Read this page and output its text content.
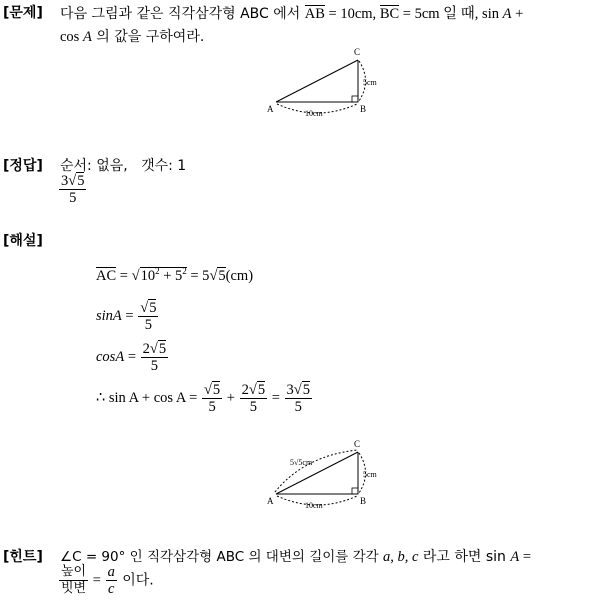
[문제] 다음 그림과 같은 직각삼각형 ABC 에서 AB = 10cm, BC = 5cm 일 때, sin A +
cos A 의 값을 구하여라.
C
A	B
5cm
10cm
[정답] 순서: 없음,   갯수: 1
$\frac{3√5}{5}$
[해설]
AC = $√10^2 + 5^2 = 5√5(cm)$
$\sin A = \frac{√5}{5}$
$\cos A = \frac{2√5}{5}$
∴ $\sin A + \cos A = \frac{√5}{5} + \frac{2√5}{5} = \frac{3√5}{5}$
C
A	B
5√5cm
5cm
10cm
[힌트] ∠C = 90° 인 직각삼각형 ABC 의 대변의 길이를 각각 a, b, c 라고 하면 sin A =
$\frac{\text{높이}}{\text{빗변}} = \frac{a}{c}$ 이다.
